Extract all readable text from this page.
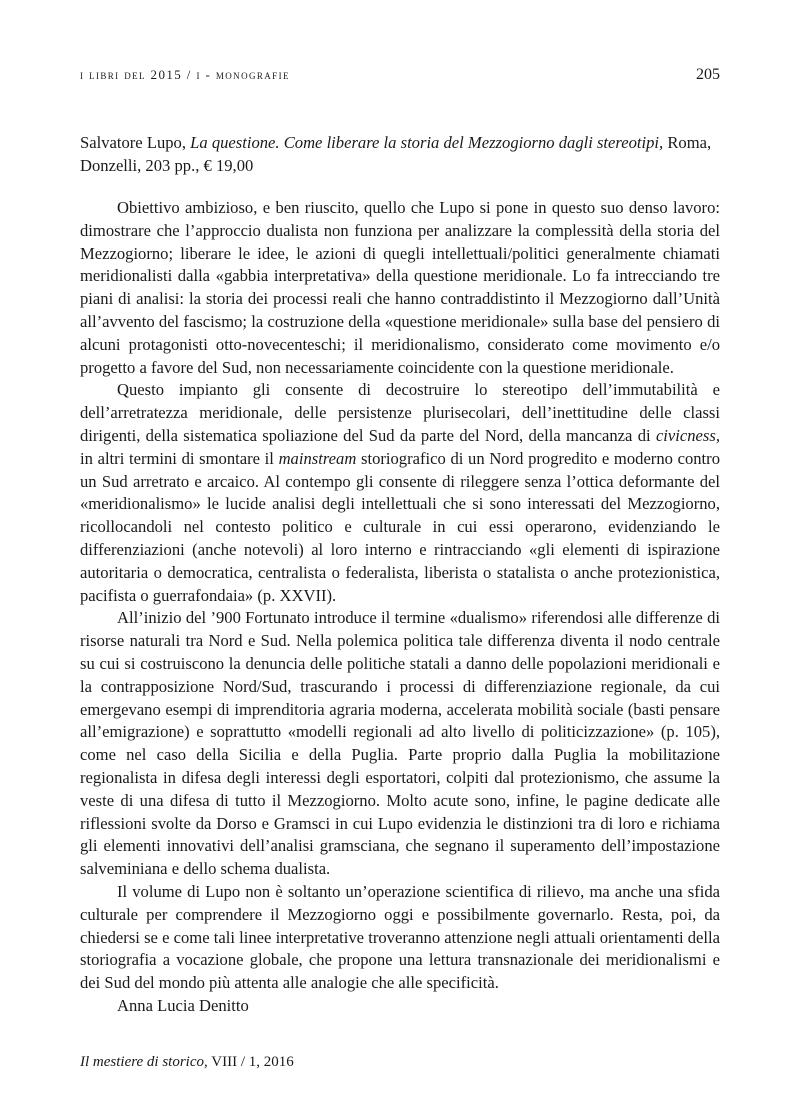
i libri del 2015 / i - monografie	205
Salvatore Lupo, La questione. Come liberare la storia del Mezzogiorno dagli stereotipi, Roma, Donzelli, 203 pp., € 19,00

Obiettivo ambizioso, e ben riuscito, quello che Lupo si pone in questo suo denso lavoro: dimostrare che l’approccio dualista non funziona per analizzare la complessità della storia del Mezzogiorno; liberare le idee, le azioni di quegli intellettuali/politici generalmente chiamati meridionalisti dalla «gabbia interpretativa» della questione meridionale. Lo fa intrecciando tre piani di analisi: la storia dei processi reali che hanno contraddistinto il Mezzogiorno dall’Unità all’avvento del fascismo; la costruzione della «questione meridionale» sulla base del pensiero di alcuni protagonisti otto-novecenteschi; il meridionalismo, considerato come movimento e/o progetto a favore del Sud, non necessariamente coincidente con la questione meridionale.

Questo impianto gli consente di decostruire lo stereotipo dell’immutabilità e dell’arretratezza meridionale, delle persistenze plurisecolari, dell’inettitudine delle classi dirigenti, della sistematica spoliazione del Sud da parte del Nord, della mancanza di civicness, in altri termini di smontare il mainstream storiografico di un Nord progredito e moderno contro un Sud arretrato e arcaico. Al contempo gli consente di rileggere senza l’ottica deformante del «meridionalismo» le lucide analisi degli intellettuali che si sono interessati del Mezzogiorno, ricollocandoli nel contesto politico e culturale in cui essi operarono, evidenziando le differenziazioni (anche notevoli) al loro interno e rintracciando «gli elementi di ispirazione autoritaria o democratica, centralista o federalista, liberista o statalista o anche protezionistica, pacifista o guerrafondaia» (p. XXVII).

All’inizio del ’900 Fortunato introduce il termine «dualismo» riferendosi alle differenze di risorse naturali tra Nord e Sud. Nella polemica politica tale differenza diventa il nodo centrale su cui si costruiscono la denuncia delle politiche statali a danno delle popolazioni meridionali e la contrapposizione Nord/Sud, trascurando i processi di differenziazione regionale, da cui emergevano esempi di imprenditoria agraria moderna, accelerata mobilità sociale (basti pensare all’emigrazione) e soprattutto «modelli regionali ad alto livello di politicizzazione» (p. 105), come nel caso della Sicilia e della Puglia. Parte proprio dalla Puglia la mobilitazione regionalista in difesa degli interessi degli esportatori, colpiti dal protezionismo, che assume la veste di una difesa di tutto il Mezzogiorno. Molto acute sono, infine, le pagine dedicate alle riflessioni svolte da Dorso e Gramsci in cui Lupo evidenzia le distinzioni tra di loro e richiama gli elementi innovativi dell’analisi gramsciana, che segnano il superamento dell’impostazione salveminiana e dello schema dualista.

Il volume di Lupo non è soltanto un’operazione scientifica di rilievo, ma anche una sfida culturale per comprendere il Mezzogiorno oggi e possibilmente governarlo. Resta, poi, da chiedersi se e come tali linee interpretative troveranno attenzione negli attuali orientamenti della storiografia a vocazione globale, che propone una lettura transnazionale dei meridionalismi e dei Sud del mondo più attenta alle analogie che alle specificità.

Anna Lucia Denitto

Il mestiere di storico, VIII / 1, 2016
